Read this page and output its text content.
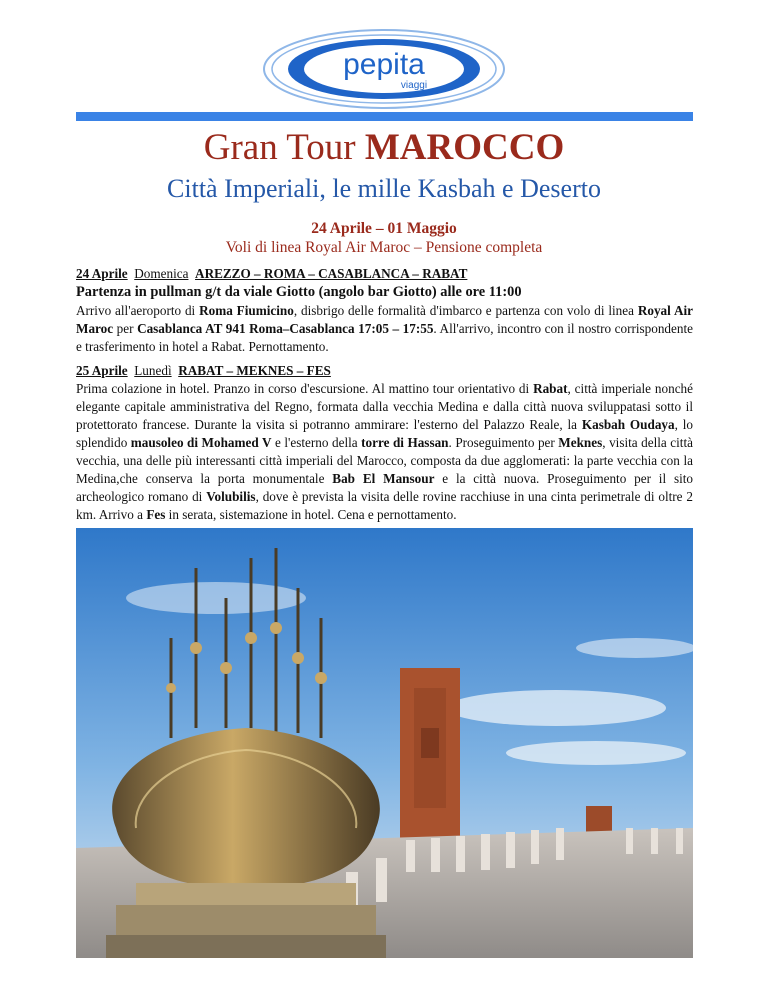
pepita
viaggi
Gran Tour MAROCCO
Città Imperiali, le mille Kasbah e Deserto
24 Aprile – 01 Maggio
Voli di linea Royal Air Maroc – Pensione completa

24 Aprile Domenica AREZZO – ROMA – CASABLANCA – RABAT

Partenza in pullman g/t da viale Giotto (angolo bar Giotto) alle ore 11:00

Arrivo all'aeroporto di Roma Fiumicino, disbrigo delle formalità d'imbarco e partenza con volo di linea Royal Air Maroc per Casablanca AT 941 Roma–Casablanca 17:05 – 17:55. All'arrivo, incontro con il nostro corrispondente e trasferimento in hotel a Rabat. Pernottamento.

25 Aprile Lunedì RABAT – MEKNES – FES

Prima colazione in hotel. Pranzo in corso d'escursione. Al mattino tour orientativo di Rabat, città imperiale nonché elegante capitale amministrativa del Regno, formata dalla vecchia Medina e dalla città nuova sviluppatasi sotto il protettorato francese. Durante la visita si potranno ammirare: l'esterno del Palazzo Reale, la Kasbah Oudaya, lo splendido mausoleo di Mohamed V e l'esterno della torre di Hassan. Proseguimento per Meknes, visita della città vecchia, una delle più interessanti città imperiali del Marocco, composta da due agglomerati: la parte vecchia con la Medina,che conserva la porta monumentale Bab El Mansour e la città nuova. Proseguimento per il sito archeologico romano di Volubilis, dove è prevista la visita delle rovine racchiuse in una cinta perimetrale di oltre 2 km. Arrivo a Fes in serata, sistemazione in hotel. Cena e pernottamento.
